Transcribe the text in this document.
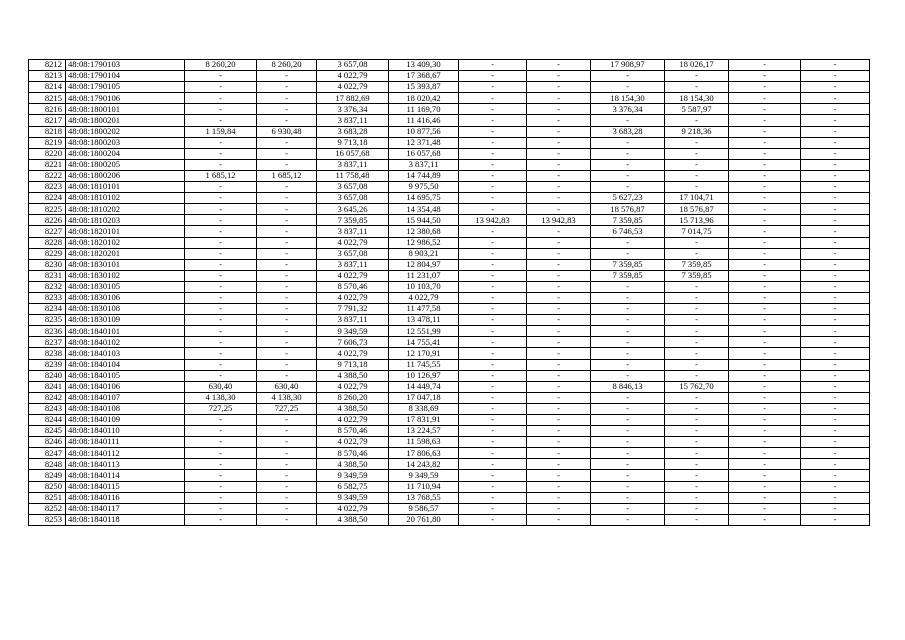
8212	48:08:1790103	8 260,20	8 260,20	3 657,08	13 409,30	-	-	17 908,97	18 026,17	-	-
8213	48:08:1790104	-	-	4 022,79	17 368,67	-	-	-	-	-	-
8214	48:08:1790105	-	-	4 022,79	15 393,87	-	-	-	-	-	-
8215	48:08:1790106	-	-	17 882,69	18 020,42	-	-	18 154,30	18 154,30	-	-
8216	48:08:1800101	-	-	3 376,34	11 169,70	-	-	3 376,34	5 587,97	-	-
8217	48:08:1800201	-	-	3 837,11	11 416,46	-	-	-	-	-	-
8218	48:08:1800202	1 159,84	6 930,48	3 683,28	10 877,56	-	-	3 683,28	9 218,36	-	-
8219	48:08:1800203	-	-	9 713,18	12 371,48	-	-	-	-	-	-
8220	48:08:1800204	-	-	16 057,68	16 057,68	-	-	-	-	-	-
8221	48:08:1800205	-	-	3 837,11	3 837,11	-	-	-	-	-	-
8222	48:08:1800206	1 685,12	1 685,12	11 758,48	14 744,89	-	-	-	-	-	-
8223	48:08:1810101	-	-	3 657,08	9 975,50	-	-	-	-	-	-
8224	48:08:1810102	-	-	3 657,08	14 695,75	-	-	5 627,23	17 104,71	-	-
8225	48:08:1810202	-	-	3 645,26	14 354,48	-	-	18 576,87	18 576,87	-	-
8226	48:08:1810203	-	-	7 359,85	15 944,50	13 942,83	13 942,83	7 359,85	15 713,96	-	-
8227	48:08:1820101	-	-	3 837,11	12 380,68	-	-	6 746,53	7 014,75	-	-
8228	48:08:1820102	-	-	4 022,79	12 986,52	-	-	-	-	-	-
8229	48:08:1820201	-	-	3 657,08	8 903,21	-	-	-	-	-	-
8230	48:08:1830101	-	-	3 837,11	12 804,97	-	-	7 359,85	7 359,85	-	-
8231	48:08:1830102	-	-	4 022,79	11 231,07	-	-	7 359,85	7 359,85	-	-
8232	48:08:1830105	-	-	8 570,46	10 103,70	-	-	-	-	-	-
8233	48:08:1830106	-	-	4 022,79	4 022,79	-	-	-	-	-	-
8234	48:08:1830108	-	-	7 791,32	11 477,58	-	-	-	-	-	-
8235	48:08:1830109	-	-	3 837,11	13 478,11	-	-	-	-	-	-
8236	48:08:1840101	-	-	9 349,59	12 551,99	-	-	-	-	-	-
8237	48:08:1840102	-	-	7 606,73	14 755,41	-	-	-	-	-	-
8238	48:08:1840103	-	-	4 022,79	12 170,91	-	-	-	-	-	-
8239	48:08:1840104	-	-	9 713,18	11 745,55	-	-	-	-	-	-
8240	48:08:1840105	-	-	4 388,50	10 126,97	-	-	-	-	-	-
8241	48:08:1840106	630,40	630,40	4 022,79	14 449,74	-	-	8 846,13	15 762,70	-	-
8242	48:08:1840107	4 138,30	4 138,30	8 260,20	17 047,18	-	-	-	-	-	-
8243	48:08:1840108	727,25	727,25	4 388,50	8 338,69	-	-	-	-	-	-
8244	48:08:1840109	-	-	4 022,79	17 831,91	-	-	-	-	-	-
8245	48:08:1840110	-	-	8 570,46	13 224,57	-	-	-	-	-	-
8246	48:08:1840111	-	-	4 022,79	11 598,63	-	-	-	-	-	-
8247	48:08:1840112	-	-	8 570,46	17 806,63	-	-	-	-	-	-
8248	48:08:1840113	-	-	4 388,50	14 243,82	-	-	-	-	-	-
8249	48:08:1840114	-	-	9 349,59	9 349,59	-	-	-	-	-	-
8250	48:08:1840115	-	-	6 582,75	11 710,94	-	-	-	-	-	-
8251	48:08:1840116	-	-	9 349,59	13 768,55	-	-	-	-	-	-
8252	48:08:1840117	-	-	4 022,79	9 586,57	-	-	-	-	-	-
8253	48:08:1840118	-	-	4 388,50	20 761,80	-	-	-	-	-	-
